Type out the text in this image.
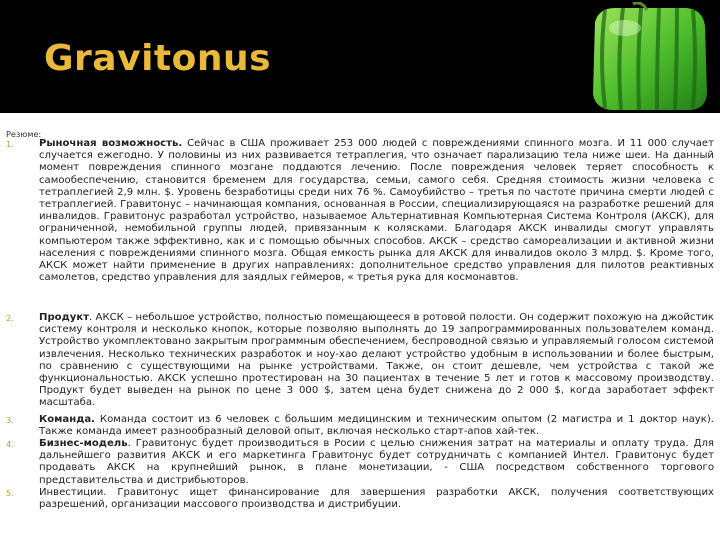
Gravitonus
Резюме:
1.	Рыночная возможность. Сейчас в США проживает 253 000 людей с повреждениями спинного мозга. И 11 000 случает случается ежегодно. У половины из них развивается тетраплегия, что означает парализацию тела ниже шеи. На данный момент повреждения спинного мозгане поддаются лечению. После повреждения человек теряет способность к самообеспечению, становится бременем для государства, семьи, самого себя. Средняя стоимость жизни человека с тетраплегией 2,9 млн. $. Уровень безработицы среди них 76 %. Самоубийство – третья по частоте причина смерти людей с тетраплегией. Гравитонус – начинающая компания, основанная в России, специализирующаяся на разработке решений для инвалидов. Гравитонус разработал устройство, называемое Альтернативная Компьютерная Система Контроля (АКСК), для ограниченной, немобильной группы людей, привязанным к колясками. Благодаря АКСК инвалиды смогут управлять компьютером также эффективно, как и с помощью обычных способов. АКСК – средство самореализации и активной жизни населения с повреждениями спинного мозга. Общая емкость рынка для АКСК для инвалидов около 3 млрд. $. Кроме того, АКСК может найти применение в других направлениях: дополнительное средство управления для пилотов реактивных самолетов, средство управления для заядлых геймеров, « третья рука для космонавтов.
2.	Продукт. АКСК – небольшое устройство, полностью помещающееся в ротовой полости. Он содержит похожую на джойстик систему контроля и несколько кнопок, которые позволяю выполнять до 19 запрограммированных пользователем команд. Устройство укомплектовано закрытым программным обеспечением, беспроводной связью и управляемый голосом системой извлечения. Несколько технических разработок и ноу-хао делают устройство удобным в использовании и более быстрым, по сравнению с существующими на рынке устройствами. Также, он стоит дешевле, чем устройства с такой же функциональностью. АКСК успешно протестирован на 30 пациентах в течение 5 лет и готов к массовому производству. Продукт будет выведен на рынок по цене 3 000 $, затем цена будет снижена до 2 000 $, когда заработает эффект масштаба.
3.	Команда. Команда состоит из 6 человек с большим медицинским и техническим опытом (2 магистра и 1 доктор наук). Также команда имеет разнообразный деловой опыт, включая несколько старт-апов хай-тек.
4.	Бизнес-модель. Гравитонус будет производиться в Росии с целью снижения затрат на материалы и оплату труда. Для дальнейшего развития АКСК и его маркетинга Гравитонус будет сотрудничать с компанией Интел. Гравитонус будет продавать АКСК на крупнейший рынок, в плане монетизации, - США посредством собственного торгового представительства и дистрибьюторов.
5.	Инвестиции. Гравитонус ищет финансирование для завершения разработки АКСК, получения соответствующих разрешений, организации массового производства и дистрибуции.
